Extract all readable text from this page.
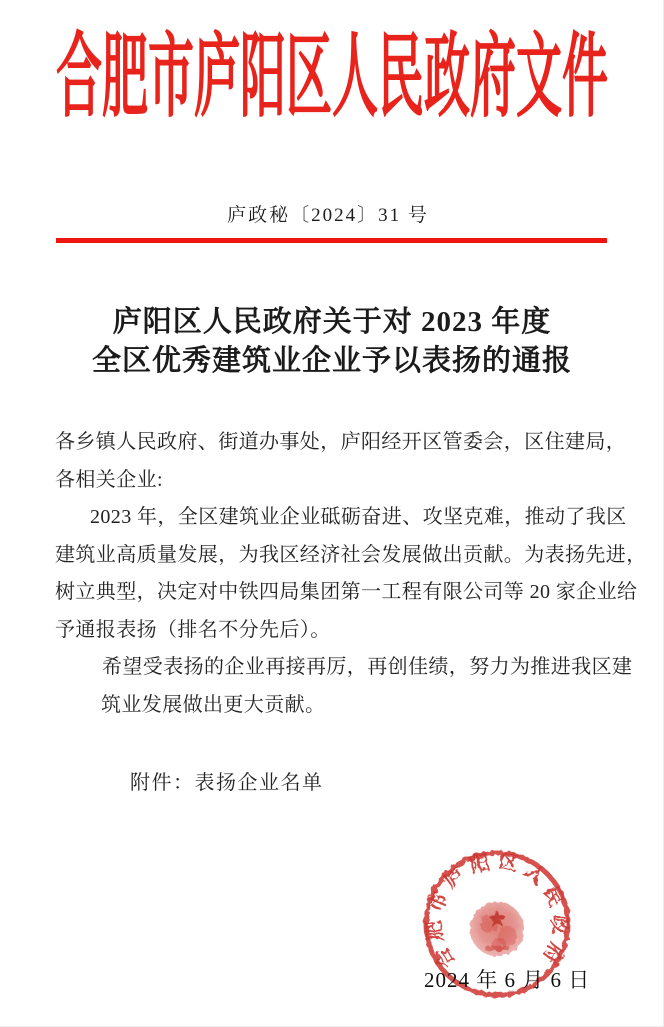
合肥市庐阳区人民政府文件
庐政秘〔2024〕31 号
庐阳区人民政府关于对 2023 年度
全区优秀建筑业企业予以表扬的通报
各乡镇人民政府、街道办事处，庐阳经开区管委会，区住建局，
各相关企业:
2023 年，全区建筑业企业砥砺奋进、攻坚克难，推动了我区
建筑业高质量发展，为我区经济社会发展做出贡献。为表扬先进，
树立典型，决定对中铁四局集团第一工程有限公司等 20 家企业给
予通报表扬（排名不分先后）。
希望受表扬的企业再接再厉，再创佳绩，努力为推进我区建
筑业发展做出更大贡献。
附件：表扬企业名单
合肥市庐阳区人民政府
2024 年 6 月 6 日
